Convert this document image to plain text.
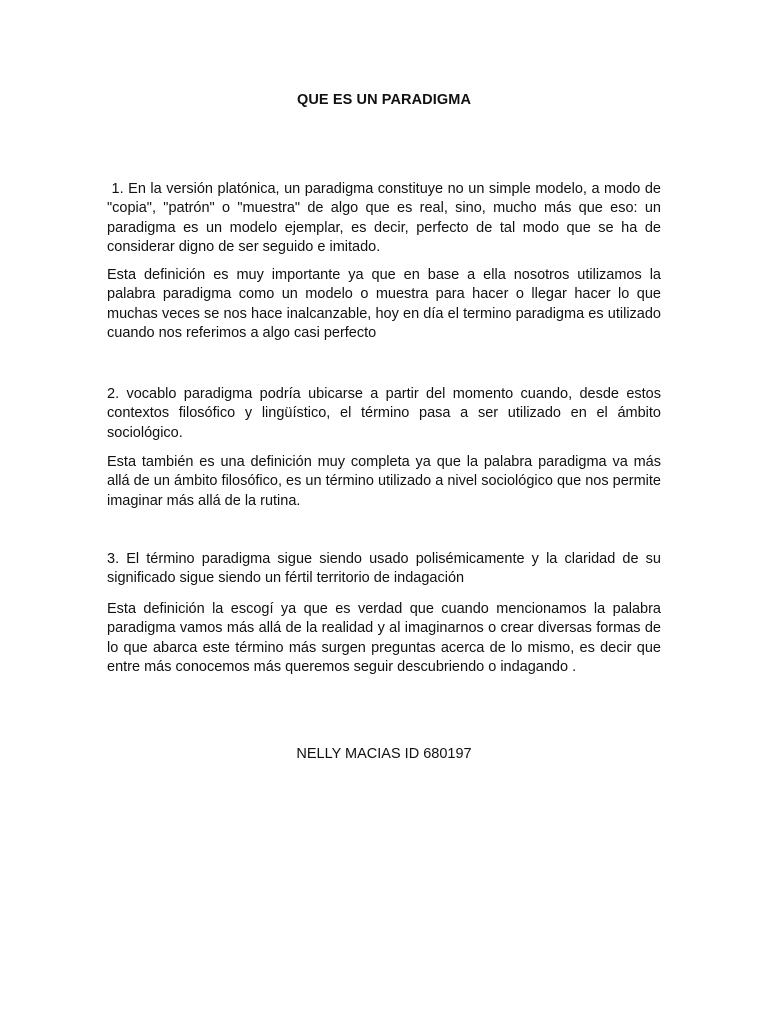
QUE ES UN PARADIGMA

1. En la versión platónica, un paradigma constituye no un simple modelo, a modo de "copia", "patrón" o "muestra" de algo que es real, sino, mucho más que eso: un paradigma es un modelo ejemplar, es decir, perfecto de tal modo que se ha de considerar digno de ser seguido e imitado.

Esta definición es muy importante ya que en base a ella nosotros utilizamos la palabra paradigma como un modelo o muestra para hacer o llegar hacer lo que muchas veces se nos hace inalcanzable, hoy en día el termino paradigma es utilizado cuando nos referimos a algo casi perfecto

2. vocablo paradigma podría ubicarse a partir del momento cuando, desde estos contextos filosófico y lingüístico, el término pasa a ser utilizado en el ámbito sociológico.

Esta también es una definición muy completa ya que la palabra paradigma va más allá de un ámbito filosófico, es un término utilizado a nivel sociológico que nos permite imaginar más allá de la rutina.

3. El término paradigma sigue siendo usado polisémicamente y la claridad de su significado sigue siendo un fértil territorio de indagación

Esta definición la escogí ya que es verdad que cuando mencionamos la palabra paradigma vamos más allá de la realidad y al imaginarnos o crear diversas formas de lo que abarca este término más surgen preguntas acerca de lo mismo, es decir que entre más conocemos más queremos seguir descubriendo o indagando .

NELLY MACIAS ID 680197
